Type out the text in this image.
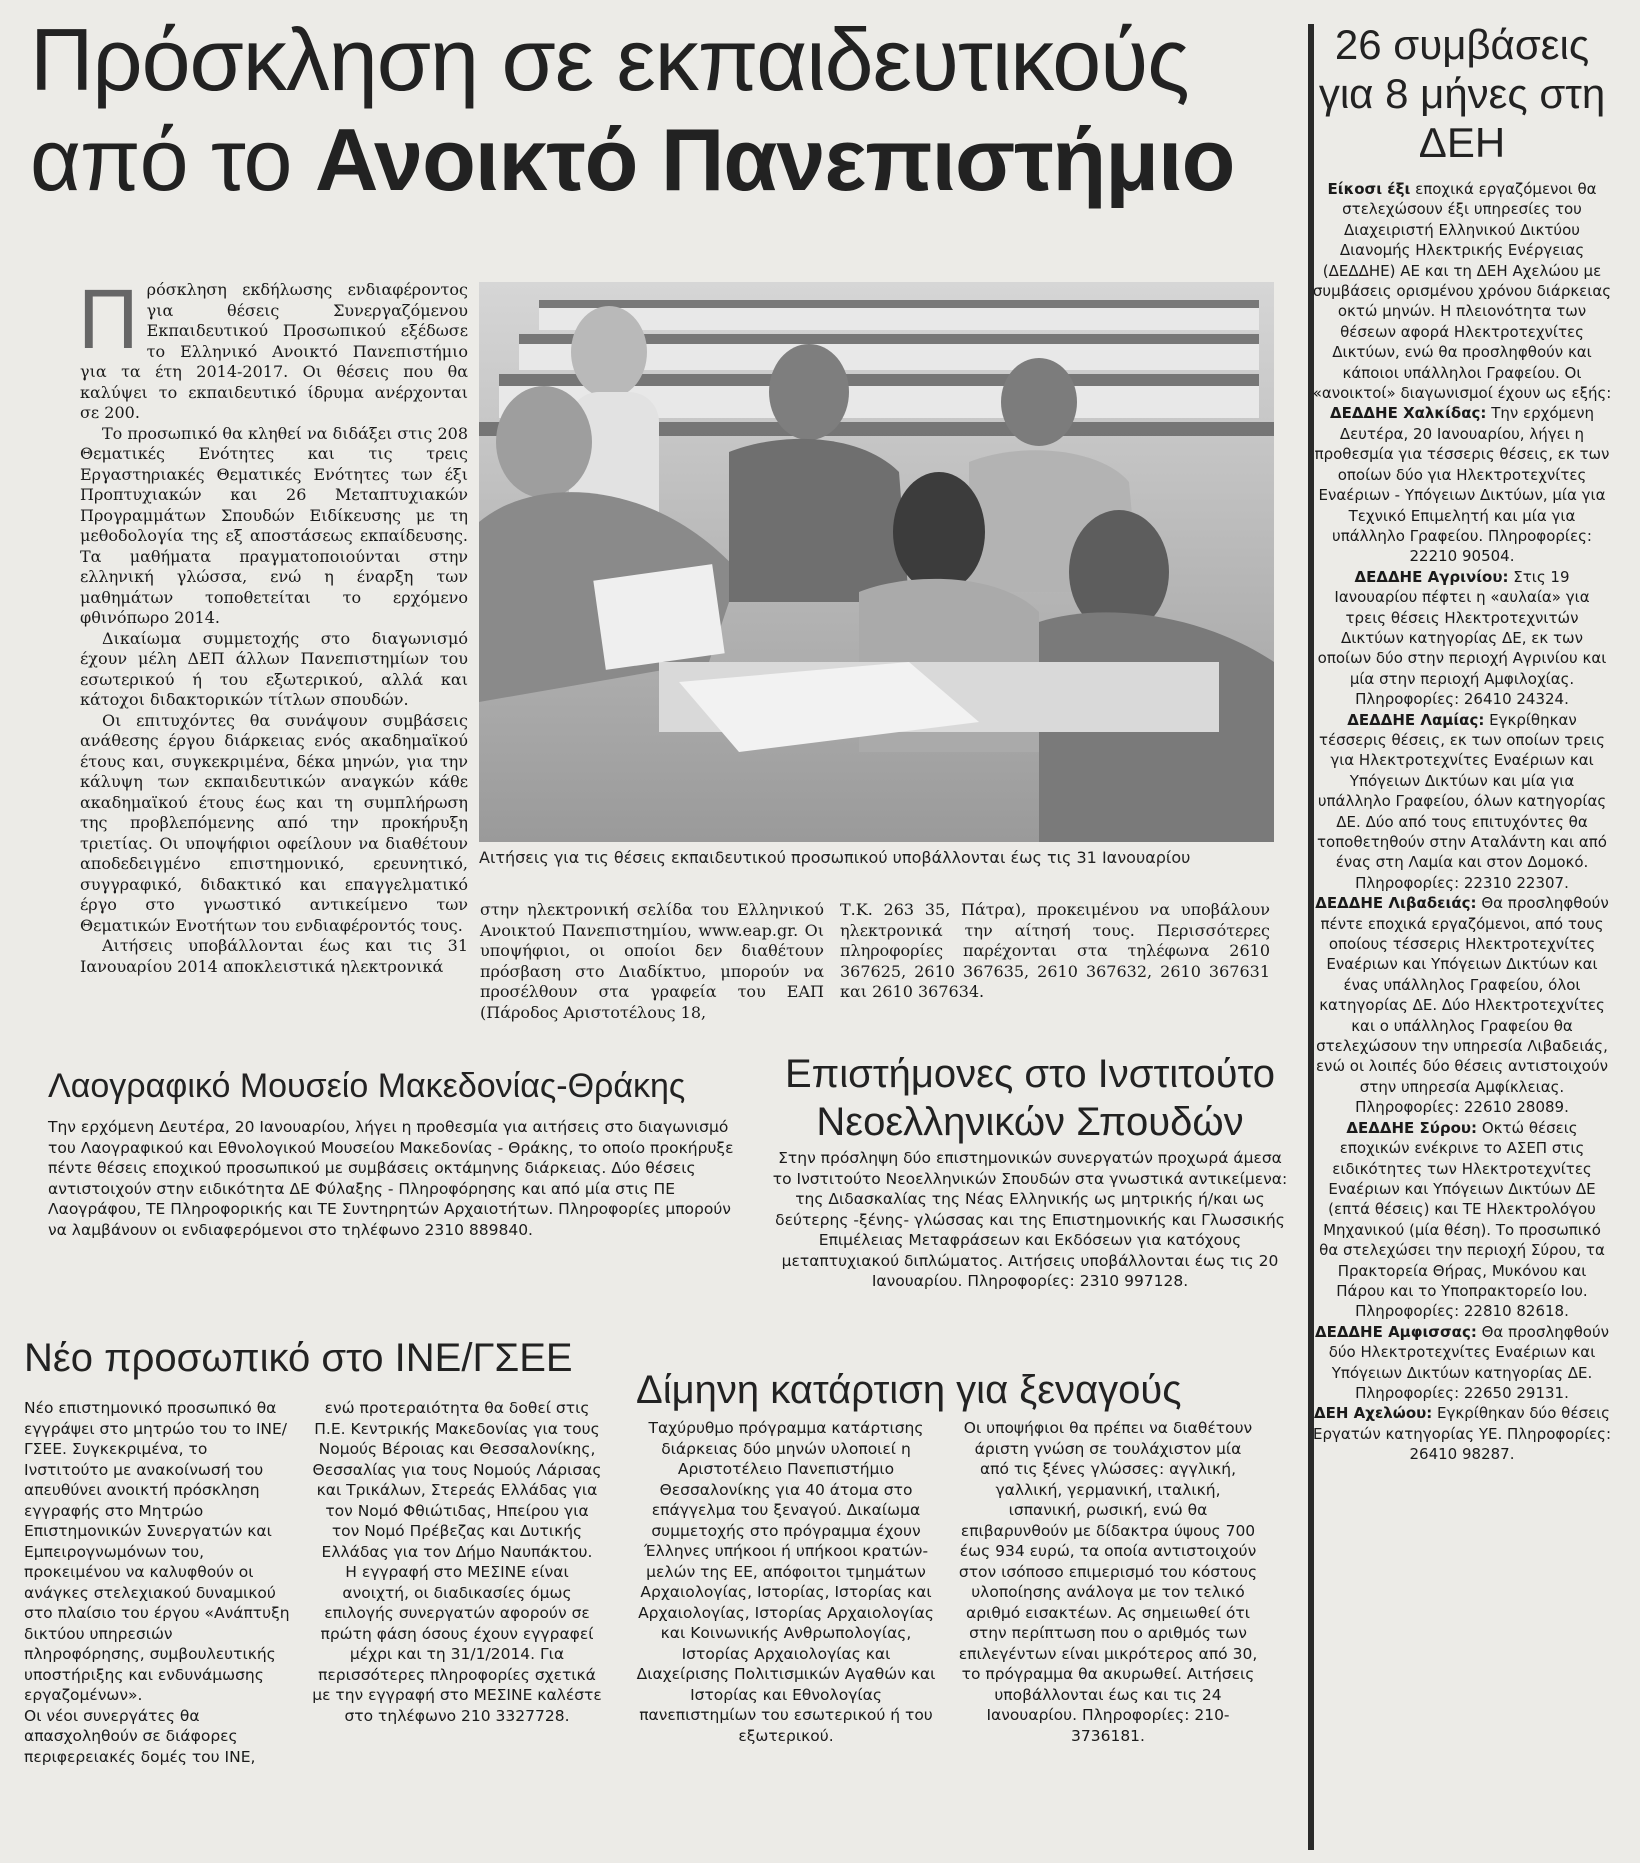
Πρόσκληση σε εκπαιδευτικούς
από το Ανοικτό Πανεπιστήμιο
Π ρόσκληση εκδήλωσης ενδιαφέροντος για θέσεις Συνεργαζόμενου Εκπαιδευτικού Προσωπικού εξέδωσε το Ελληνικό Ανοικτό Πανεπιστήμιο για τα έτη 2014-2017. Οι θέσεις που θα καλύψει το εκπαιδευτικό ίδρυμα ανέρχονται σε 200.

Το προσωπικό θα κληθεί να διδάξει στις 208 Θεματικές Ενότητες και τις τρεις Εργαστηριακές Θεματικές Ενότητες των έξι Προπτυχιακών και 26 Μεταπτυχιακών Προγραμμάτων Σπουδών Ειδίκευσης με τη μεθοδολογία της εξ αποστάσεως εκπαίδευσης. Τα μαθήματα πραγματοποιούνται στην ελληνική γλώσσα, ενώ η έναρξη των μαθημάτων τοποθετείται το ερχόμενο φθινόπωρο 2014.

Δικαίωμα συμμετοχής στο διαγωνισμό έχουν μέλη ΔΕΠ άλλων Πανεπιστημίων του εσωτερικού ή του εξωτερικού, αλλά και κάτοχοι διδακτορικών τίτλων σπουδών.

Οι επιτυχόντες θα συνάψουν συμβάσεις ανάθεσης έργου διάρκειας ενός ακαδημαϊκού έτους και, συγκεκριμένα, δέκα μηνών, για την κάλυψη των εκπαιδευτικών αναγκών κάθε ακαδημαϊκού έτους έως και τη συμπλήρωση της προβλεπόμενης από την προκήρυξη τριετίας. Οι υποψήφιοι οφείλουν να διαθέτουν αποδεδειγμένο επιστημονικό, ερευνητικό, συγγραφικό, διδακτικό και επαγγελματικό έργο στο γνωστικό αντικείμενο των Θεματικών Ενοτήτων του ενδιαφέροντός τους.

Αιτήσεις υποβάλλονται έως και τις 31 Ιανουαρίου 2014 αποκλειστικά ηλεκτρονικά

Αιτήσεις για τις θέσεις εκπαιδευτικού προσωπικού υποβάλλονται έως τις 31 Ιανουαρίου

στην ηλεκτρονική σελίδα του Ελληνικού Ανοικτού Πανεπιστημίου, www.eap.gr. Οι υποψήφιοι, οι οποίοι δεν διαθέτουν πρόσβαση στο Διαδίκτυο, μπορούν να προσέλθουν στα γραφεία του ΕΑΠ (Πάροδος Αριστοτέλους 18,

Τ.Κ. 263 35, Πάτρα), προκειμένου να υποβάλουν ηλεκτρονικά την αίτησή τους. Περισσότερες πληροφορίες παρέχονται στα τηλέφωνα 2610 367625, 2610 367635, 2610 367632, 2610 367631 και 2610 367634.

26 συμβάσεις για 8 μήνες στη ΔΕΗ

Είκοσι έξι εποχικά εργαζόμενοι θα στελεχώσουν έξι υπηρεσίες του Διαχειριστή Ελληνικού Δικτύου Διανομής Ηλεκτρικής Ενέργειας (ΔΕΔΔΗΕ) ΑΕ και τη ΔΕΗ Αχελώου με συμβάσεις ορισμένου χρόνου διάρκειας οκτώ μηνών. Η πλειονότητα των θέσεων αφορά Ηλεκτροτεχνίτες Δικτύων, ενώ θα προσληφθούν και κάποιοι υπάλληλοι Γραφείου. Οι «ανοικτοί» διαγωνισμοί έχουν ως εξής:

ΔΕΔΔΗΕ Χαλκίδας: Την ερχόμενη Δευτέρα, 20 Ιανουαρίου, λήγει η προθεσμία για τέσσερις θέσεις, εκ των οποίων δύο για Ηλεκτροτεχνίτες Εναέριων - Υπόγειων Δικτύων, μία για Τεχνικό Επιμελητή και μία για υπάλληλο Γραφείου. Πληροφορίες: 22210 90504.

ΔΕΔΔΗΕ Αγρινίου: Στις 19 Ιανουαρίου πέφτει η «αυλαία» για τρεις θέσεις Ηλεκτροτεχνιτών Δικτύων κατηγορίας ΔΕ, εκ των οποίων δύο στην περιοχή Αγρινίου και μία στην περιοχή Αμφιλοχίας. Πληροφορίες: 26410 24324.

ΔΕΔΔΗΕ Λαμίας: Εγκρίθηκαν τέσσερις θέσεις, εκ των οποίων τρεις για Ηλεκτροτεχνίτες Εναέριων και Υπόγειων Δικτύων και μία για υπάλληλο Γραφείου, όλων κατηγορίας ΔΕ. Δύο από τους επιτυχόντες θα τοποθετηθούν στην Αταλάντη και από ένας στη Λαμία και στον Δομοκό. Πληροφορίες: 22310 22307.

ΔΕΔΔΗΕ Λιβαδειάς: Θα προσληφθούν πέντε εποχικά εργαζόμενοι, από τους οποίους τέσσερις Ηλεκτροτεχνίτες Εναέριων και Υπόγειων Δικτύων και ένας υπάλληλος Γραφείου, όλοι κατηγορίας ΔΕ. Δύο Ηλεκτροτεχνίτες και ο υπάλληλος Γραφείου θα στελεχώσουν την υπηρεσία Λιβαδειάς, ενώ οι λοιπές δύο θέσεις αντιστοιχούν στην υπηρεσία Αμφίκλειας. Πληροφορίες: 22610 28089.

ΔΕΔΔΗΕ Σύρου: Οκτώ θέσεις εποχικών ενέκρινε το ΑΣΕΠ στις ειδικότητες των Ηλεκτροτεχνίτες Εναέριων και Υπόγειων Δικτύων ΔΕ (επτά θέσεις) και ΤΕ Ηλεκτρολόγου Μηχανικού (μία θέση). Το προσωπικό θα στελεχώσει την περιοχή Σύρου, τα Πρακτορεία Θήρας, Μυκόνου και Πάρου και το Υποπρακτορείο Ιου. Πληροφορίες: 22810 82618.

ΔΕΔΔΗΕ Αμφισσας: Θα προσληφθούν δύο Ηλεκτροτεχνίτες Εναέριων και Υπόγειων Δικτύων κατηγορίας ΔΕ. Πληροφορίες: 22650 29131.

ΔΕΗ Αχελώου: Εγκρίθηκαν δύο θέσεις Εργατών κατηγορίας ΥΕ. Πληροφορίες: 26410 98287.

Λαογραφικό Μουσείο Μακεδονίας-Θράκης
Την ερχόμενη Δευτέρα, 20 Ιανουαρίου, λήγει η προθεσμία για αιτήσεις στο διαγωνισμό του Λαογραφικού και Εθνολογικού Μουσείου Μακεδονίας - Θράκης, το οποίο προκήρυξε πέντε θέσεις εποχικού προσωπικού με συμβάσεις οκτάμηνης διάρκειας. Δύο θέσεις αντιστοιχούν στην ειδικότητα ΔΕ Φύλαξης - Πληροφόρησης και από μία στις ΠΕ Λαογράφου, ΤΕ Πληροφορικής και ΤΕ Συντηρητών Αρχαιοτήτων. Πληροφορίες μπορούν να λαμβάνουν οι ενδιαφερόμενοι στο τηλέφωνο 2310 889840.
Επιστήμονες στο Ινστιτούτο Νεοελληνικών Σπουδών
Στην πρόσληψη δύο επιστημονικών συνεργατών προχωρά άμεσα το Ινστιτούτο Νεοελληνικών Σπουδών στα γνωστικά αντικείμενα: της Διδασκαλίας της Νέας Ελληνικής ως μητρικής ή/και ως δεύτερης -ξένης- γλώσσας και της Επιστημονικής και Γλωσσικής Επιμέλειας Μεταφράσεων και Εκδόσεων για κατόχους μεταπτυχιακού διπλώματος. Αιτήσεις υποβάλλονται έως τις 20 Ιανουαρίου. Πληροφορίες: 2310 997128.
Νέο προσωπικό στο ΙΝΕ/ΓΣΕΕ
Νέο επιστημονικό προσωπικό θα εγγράψει στο μητρώο του το ΙΝΕ/ΓΣΕΕ. Συγκεκριμένα, το Ινστιτούτο με ανακοίνωσή του απευθύνει ανοικτή πρόσκληση εγγραφής στο Μητρώο Επιστημονικών Συνεργατών και Εμπειρογνωμόνων του, προκειμένου να καλυφθούν οι ανάγκες στελεχιακού δυναμικού στο πλαίσιο του έργου «Ανάπτυξη δικτύου υπηρεσιών πληροφόρησης, συμβουλευτικής υποστήριξης και ενδυνάμωσης εργαζομένων».
Οι νέοι συνεργάτες θα απασχοληθούν σε διάφορες περιφερειακές δομές του ΙΝΕ,
ενώ προτεραιότητα θα δοθεί στις Π.Ε. Κεντρικής Μακεδονίας για τους Νομούς Βέροιας και Θεσσαλονίκης, Θεσσαλίας για τους Νομούς Λάρισας και Τρικάλων, Στερεάς Ελλάδας για τον Νομό Φθιώτιδας, Ηπείρου για τον Νομό Πρέβεζας και Δυτικής Ελλάδας για τον Δήμο Ναυπάκτου.
Η εγγραφή στο ΜΕΣΙΝΕ είναι ανοιχτή, οι διαδικασίες όμως επιλογής συνεργατών αφορούν σε πρώτη φάση όσους έχουν εγγραφεί μέχρι και τη 31/1/2014. Για περισσότερες πληροφορίες σχετικά με την εγγραφή στο ΜΕΣΙΝΕ καλέστε στο τηλέφωνο 210 3327728.
Δίμηνη κατάρτιση για ξεναγούς
Ταχύρυθμο πρόγραμμα κατάρτισης διάρκειας δύο μηνών υλοποιεί η Αριστοτέλειο Πανεπιστήμιο Θεσσαλονίκης για 40 άτομα στο επάγγελμα του ξεναγού. Δικαίωμα συμμετοχής στο πρόγραμμα έχουν Έλληνες υπήκοοι ή υπήκοοι κρατών-μελών της ΕΕ, απόφοιτοι τμημάτων Αρχαιολογίας, Ιστορίας, Ιστορίας και Αρχαιολογίας, Ιστορίας Αρχαιολογίας και Κοινωνικής Ανθρωπολογίας, Ιστορίας Αρχαιολογίας και Διαχείρισης Πολιτισμικών Αγαθών και Ιστορίας και Εθνολογίας πανεπιστημίων του εσωτερικού ή του εξωτερικού.
Οι υποψήφιοι θα πρέπει να διαθέτουν άριστη γνώση σε τουλάχιστον μία από τις ξένες γλώσσες: αγγλική, γαλλική, γερμανική, ιταλική, ισπανική, ρωσική, ενώ θα επιβαρυνθούν με δίδακτρα ύψους 700 έως 934 ευρώ, τα οποία αντιστοιχούν στον ισόποσο επιμερισμό του κόστους υλοποίησης ανάλογα με τον τελικό αριθμό εισακτέων. Ας σημειωθεί ότι στην περίπτωση που ο αριθμός των επιλεγέντων είναι μικρότερος από 30, το πρόγραμμα θα ακυρωθεί. Αιτήσεις υποβάλλονται έως και τις 24 Ιανουαρίου. Πληροφορίες: 210-3736181.
